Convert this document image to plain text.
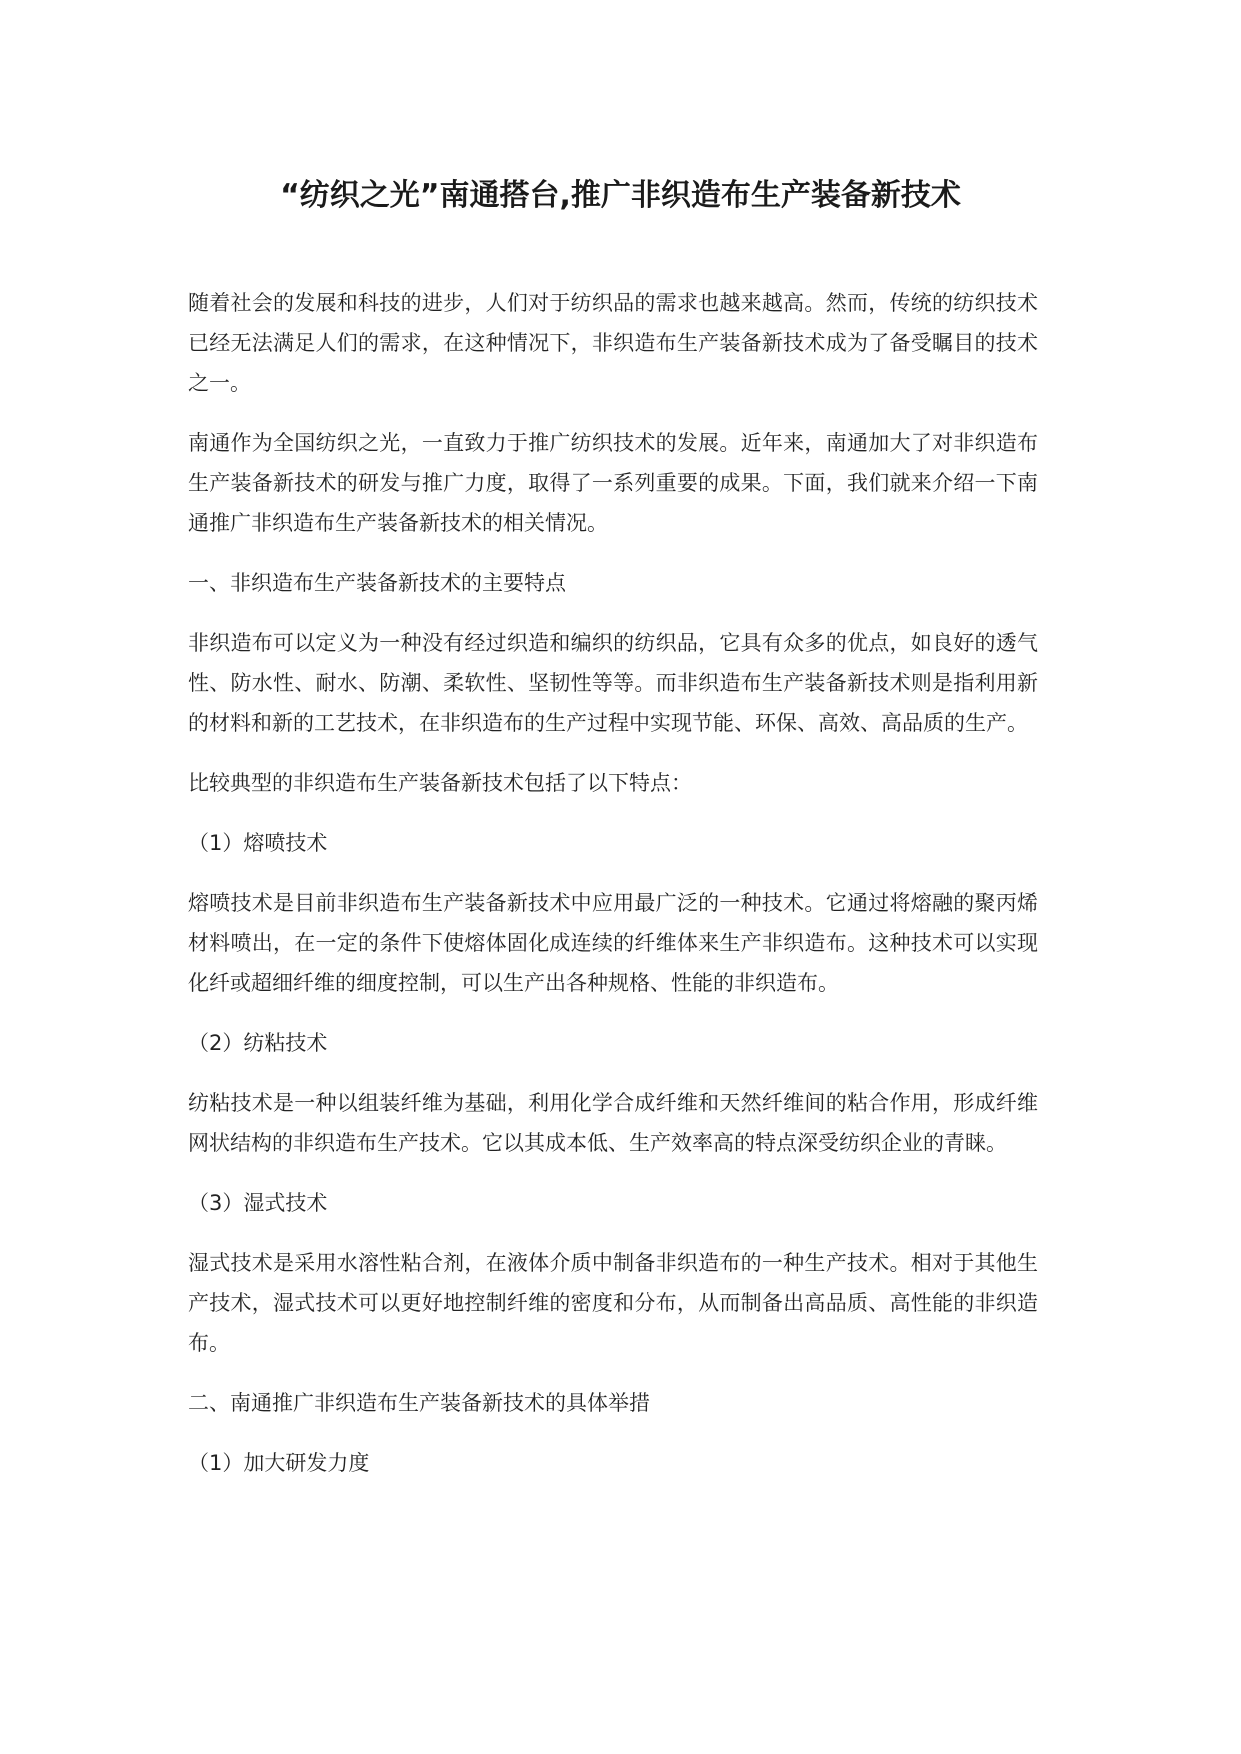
“纺织之光”南通搭台,推广非织造布生产装备新技术

随着社会的发展和科技的进步，人们对于纺织品的需求也越来越高。然而，传统的纺织技术已经无法满足人们的需求，在这种情况下，非织造布生产装备新技术成为了备受瞩目的技术之一。

南通作为全国纺织之光，一直致力于推广纺织技术的发展。近年来，南通加大了对非织造布生产装备新技术的研发与推广力度，取得了一系列重要的成果。下面，我们就来介绍一下南通推广非织造布生产装备新技术的相关情况。

一、非织造布生产装备新技术的主要特点

非织造布可以定义为一种没有经过织造和编织的纺织品，它具有众多的优点，如良好的透气性、防水性、耐水、防潮、柔软性、坚韧性等等。而非织造布生产装备新技术则是指利用新的材料和新的工艺技术，在非织造布的生产过程中实现节能、环保、高效、高品质的生产。

比较典型的非织造布生产装备新技术包括了以下特点：

（1）熔喷技术

熔喷技术是目前非织造布生产装备新技术中应用最广泛的一种技术。它通过将熔融的聚丙烯材料喷出，在一定的条件下使熔体固化成连续的纤维体来生产非织造布。这种技术可以实现化纤或超细纤维的细度控制，可以生产出各种规格、性能的非织造布。

（2）纺粘技术

纺粘技术是一种以组装纤维为基础，利用化学合成纤维和天然纤维间的粘合作用，形成纤维网状结构的非织造布生产技术。它以其成本低、生产效率高的特点深受纺织企业的青睐。

（3）湿式技术

湿式技术是采用水溶性粘合剂，在液体介质中制备非织造布的一种生产技术。相对于其他生产技术，湿式技术可以更好地控制纤维的密度和分布，从而制备出高品质、高性能的非织造布。

二、南通推广非织造布生产装备新技术的具体举措

（1）加大研发力度
